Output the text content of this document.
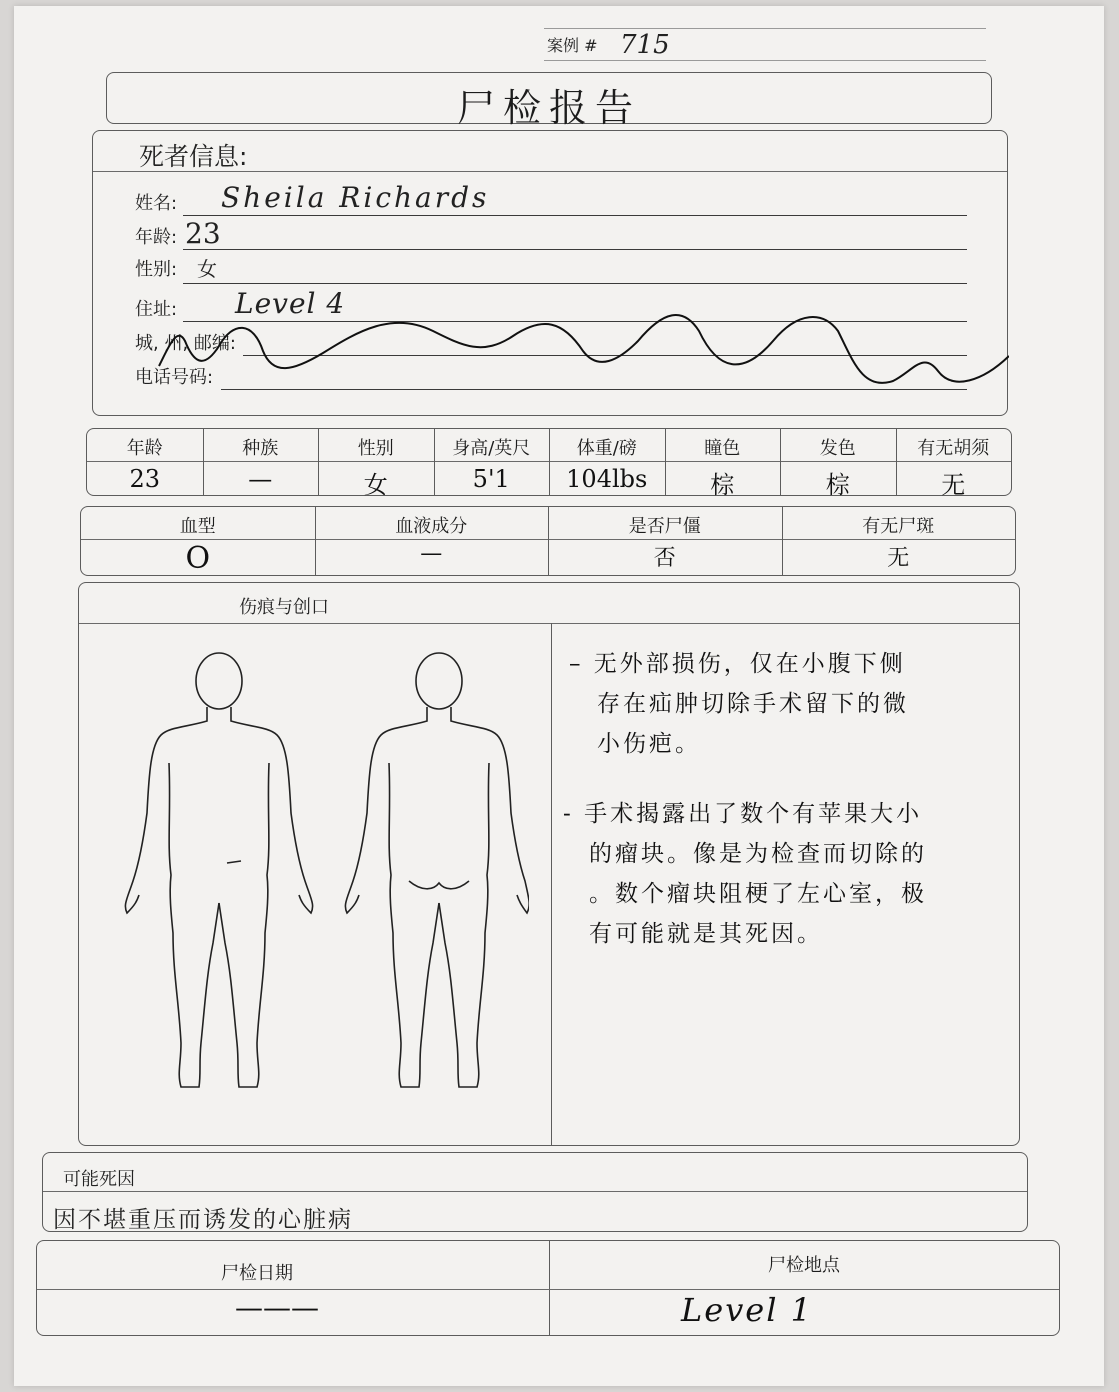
案例 # 715
尸检报告
死者信息:
姓名: Sheila Richards
年龄: 23
性别: 女
住址: Level 4
城, 州, 邮编:
电话号码:
年龄
23
种族
—
性别
女
身高/英尺
5'1
体重/磅
104lbs
瞳色
棕
发色
棕
有无胡须
无
血型
O
血液成分
—
是否尸僵
否
有无尸斑
无
伤痕与创口
– 无外部损伤，仅在小腹下侧
存在疝肿切除手术留下的微
小伤疤。
- 手术揭露出了数个有苹果大小
的瘤块。像是为检查而切除的
。数个瘤块阻梗了左心室，极
有可能就是其死因。
可能死因
因不堪重压而诱发的心脏病
尸检日期
———
尸检地点
Level 1
